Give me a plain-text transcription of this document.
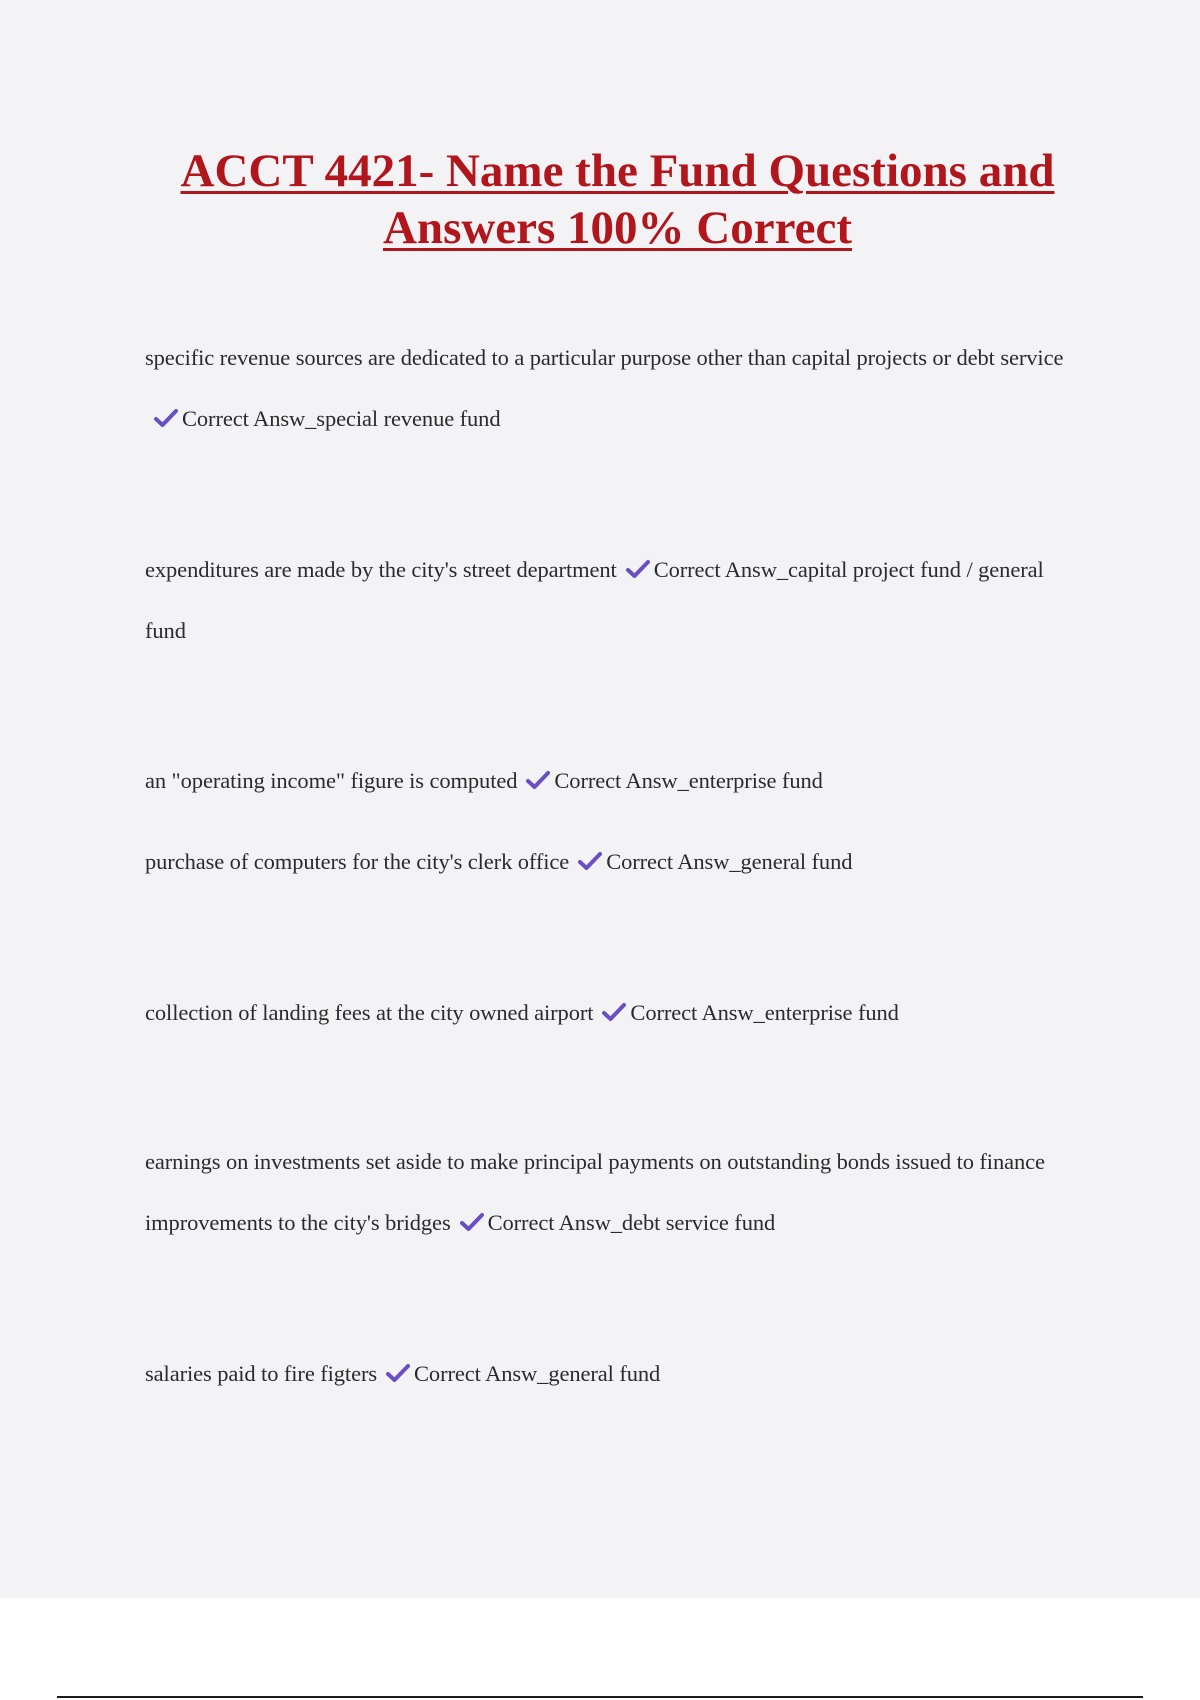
ACCT 4421- Name the Fund Questions and
Answers 100% Correct

specific revenue sources are dedicated to a particular purpose other than capital projects or debt service
Correct Answ_special revenue fund

expenditures are made by the city's street department Correct Answ_capital project fund / general fund

an "operating income" figure is computed Correct Answ_enterprise fund

purchase of computers for the city's clerk office Correct Answ_general fund

collection of landing fees at the city owned airport Correct Answ_enterprise fund

earnings on investments set aside to make principal payments on outstanding bonds issued to finance improvements to the city's bridges Correct Answ_debt service fund

salaries paid to fire figters Correct Answ_general fund
